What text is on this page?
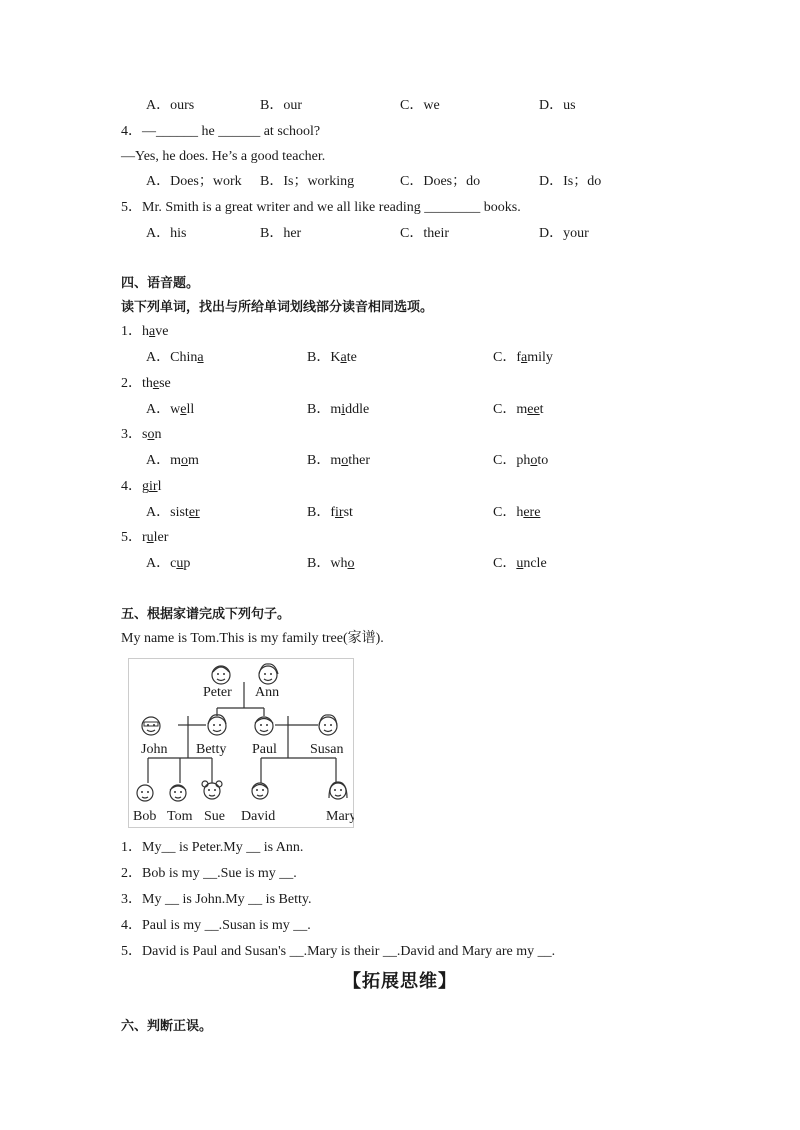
A．ours	B．our	C．we	D．us
4．—______ he ______ at school?
—Yes, he does. He’s a good teacher.
A．Does；work B．Is；working	C．Does；do	D．Is；do
5．Mr. Smith is a great writer and we all like reading ________ books.
A．his	B．her	C．their	D．your
四、语音题。
读下列单词，找出与所给单词划线部分读音相同选项。
1．have
A．China	B．Kate	C．family
2．these
A．well	B．middle	C．meet
3．son
A．mom	B．mother	C．photo
4．girl
A．sister	B．first	C．here
5．ruler
A．cup	B．who	C．uncle
五、根据家谱完成下列句子。
My name is Tom.This is my family tree(家谱).
Peter Ann
John Betty Paul Susan
Bob Tom Sue David	Mary
1．My__ is Peter.My __ is Ann.
2．Bob is my __.Sue is my __.
3．My __ is John.My __ is Betty.
4．Paul is my __.Susan is my __.
5．David is Paul and Susan's __.Mary is their __.David and Mary are my __.
【拓展思维】
六、判断正误。
